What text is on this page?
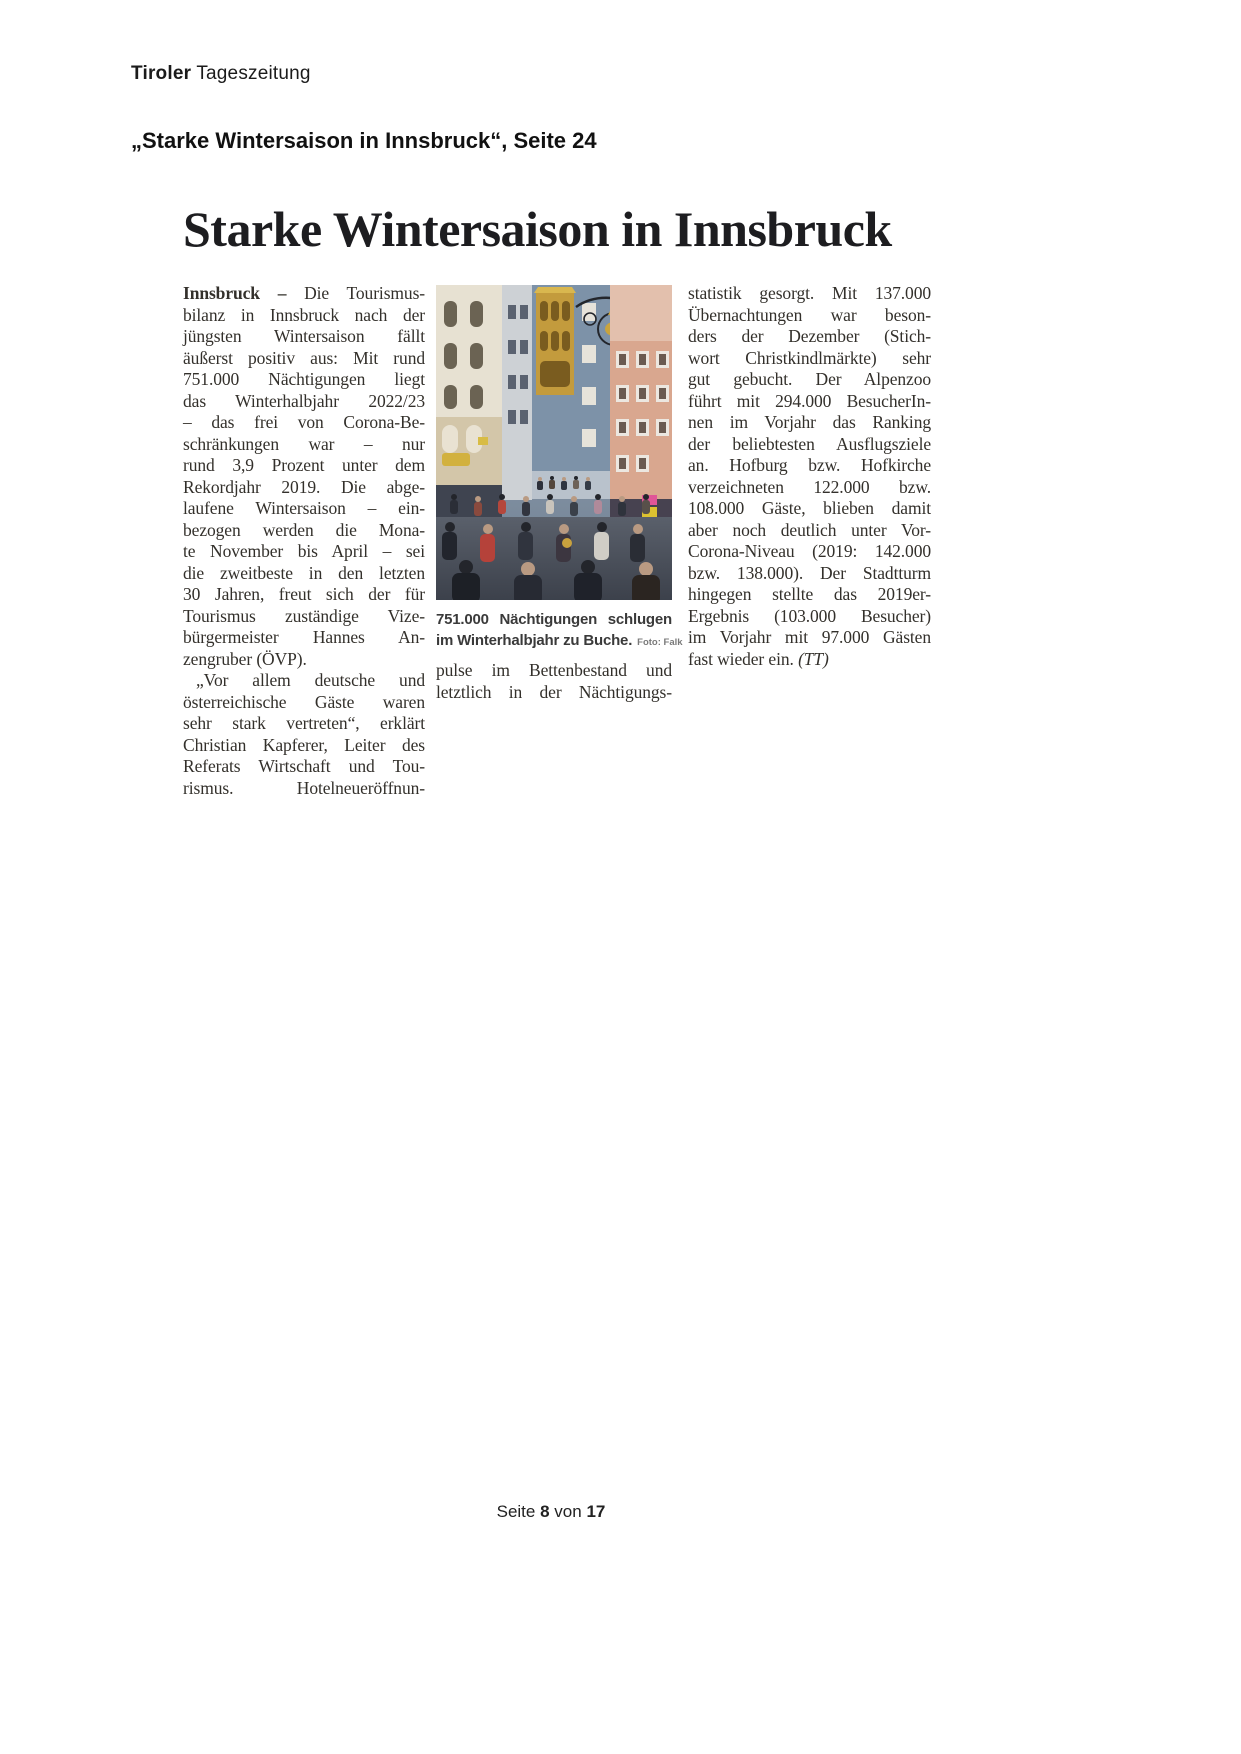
Tiroler Tageszeitung
„Starke Wintersaison in Innsbruck“, Seite 24
Starke Wintersaison in Innsbruck
Innsbruck – Die Tourismus-
bilanz in Innsbruck nach der
jüngsten Wintersaison fällt
äußerst positiv aus: Mit rund
751.000 Nächtigungen liegt
das Winterhalbjahr 2022/23
– das frei von Corona-Be-
schränkungen war – nur
rund 3,9 Prozent unter dem
Rekordjahr 2019. Die abge-
laufene Wintersaison – ein-
bezogen werden die Mona-
te November bis April – sei
die zweitbeste in den letzten
30 Jahren, freut sich der für
Tourismus zuständige Vize-
bürgermeister Hannes An-
zengruber (ÖVP).
„Vor allem deutsche und
österreichische Gäste waren
sehr stark vertreten“, erklärt
Christian Kapferer, Leiter des
Referats Wirtschaft und Tou-
rismus. Hotelneueröffnun-
751.000 Nächtigungen schlugen
im Winterhalbjahr zu Buche. Foto: Falk
pulse im Bettenbestand und
letztlich in der Nächtigungs-
statistik gesorgt. Mit 137.000
Übernachtungen war beson-
ders der Dezember (Stich-
wort Christkindlmärkte) sehr
gut gebucht. Der Alpenzoo
führt mit 294.000 BesucherIn-
nen im Vorjahr das Ranking
der beliebtesten Ausflugsziele
an. Hofburg bzw. Hofkirche
verzeichneten 122.000 bzw.
108.000 Gäste, blieben damit
aber noch deutlich unter Vor-
Corona-Niveau (2019: 142.000
bzw. 138.000). Der Stadtturm
hingegen stellte das 2019er-
Ergebnis (103.000 Besucher)
im Vorjahr mit 97.000 Gästen
fast wieder ein. (TT)
Seite 8 von 17
